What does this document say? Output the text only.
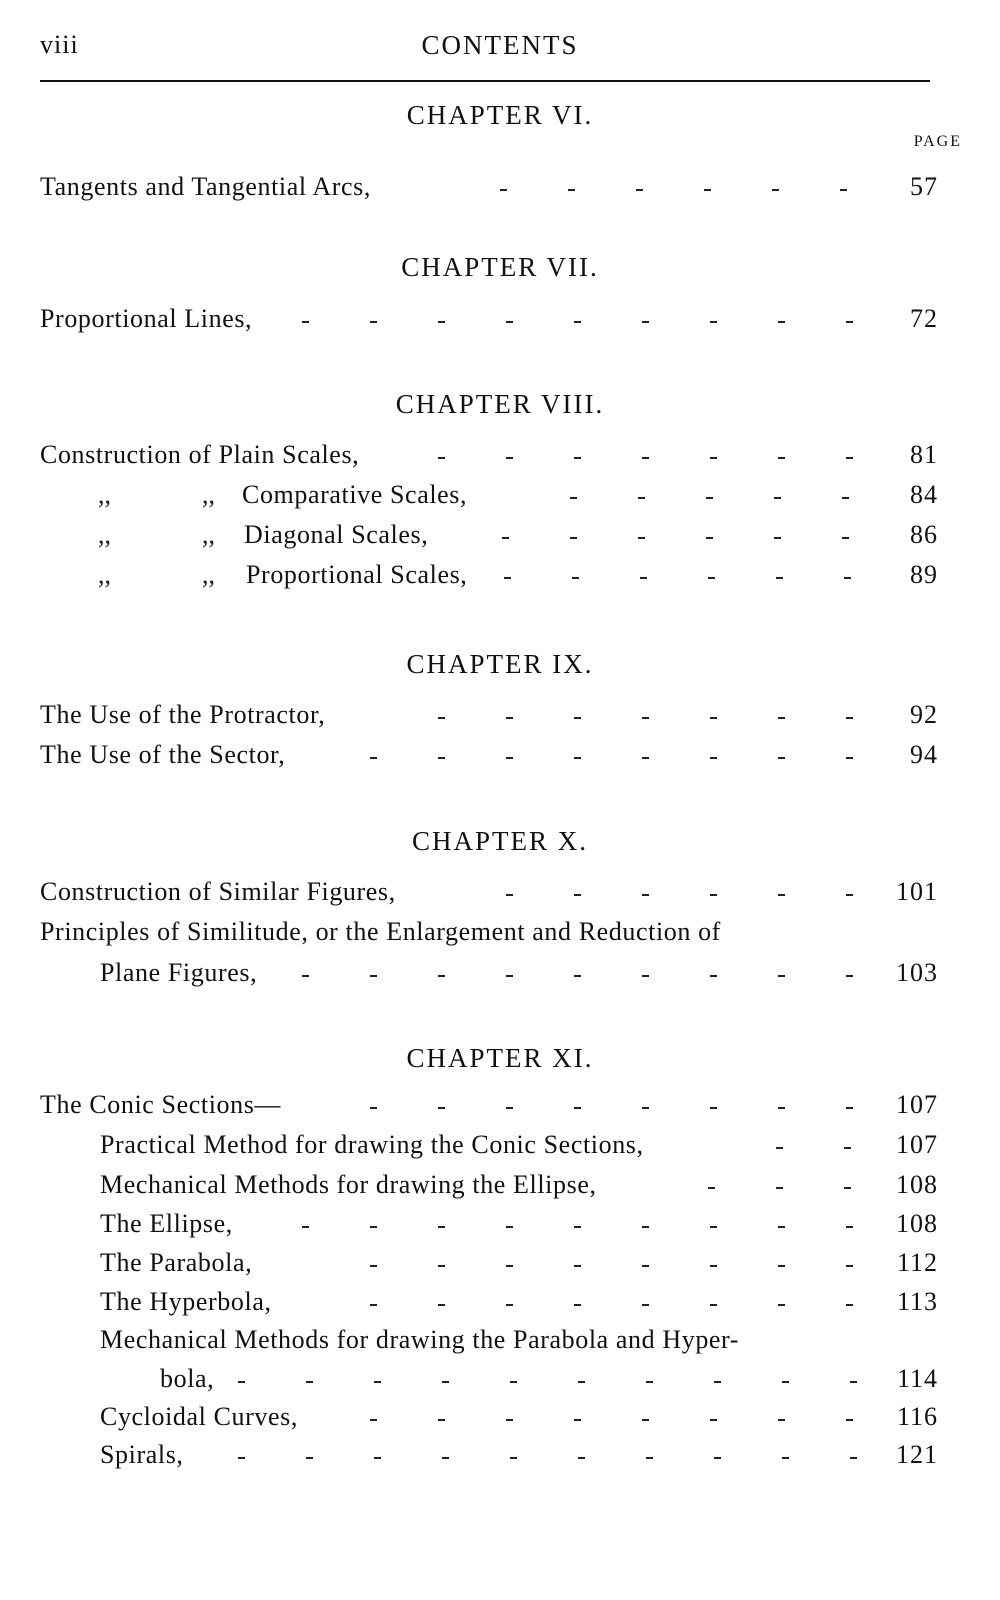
viii	CONTENTS
CHAPTER VI.
PAGE
Tangents and Tangential Arcs,	57
CHAPTER VII.
Proportional Lines,	72
CHAPTER VIII.
Construction of Plain Scales,	81
,,	,, Comparative Scales,	84
,,	,, Diagonal Scales,	86
,,	,, Proportional Scales,	89
CHAPTER IX.
The Use of the Protractor,	92
The Use of the Sector,	94
CHAPTER X.
Construction of Similar Figures,	101
Principles of Similitude, or the Enlargement and Reduction of
Plane Figures,	103
CHAPTER XI.
The Conic Sections—	107
Practical Method for drawing the Conic Sections,	107
Mechanical Methods for drawing the Ellipse,	108
The Ellipse,	108
The Parabola,	112
The Hyperbola,	113
Mechanical Methods for drawing the Parabola and Hyper-
bola,	114
Cycloidal Curves,	116
Spirals,	121
